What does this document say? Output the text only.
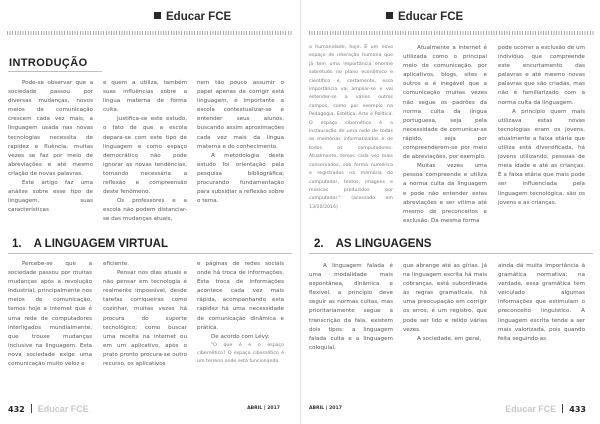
Educar FCE
INTRODUÇÃO

Pode-se observar que a sociedade passou por diversas mudanças, novos meios de comunicação crescem cada vez mais, a linguagem usada nas novas tecnologias necessita de rapidez e fluência, muitas vezes se faz por meio de abreviações e até mesmo criação de novas palavras.

Este artigo faz uma análise sobre esse tipo de linguagem, suas características

e quem a utiliza, também suas influências sobre a língua materna de forma culta.

Justifica-se este estudo, o fato de que a escola depara-se com este tipo de linguagem e como espaço democrático não pode ignorar as novas tendências, tornando necessária a reflexão e compreensão deste fenômeno.

Os professores e a escola não podem distanciar-se das mudanças atuais,

nem tão pouco assumir o papel apenas de corrigir está linguagem, é importante a escola contextualizar-se e entender seus alunos, buscando assim aproximações cada vez mais da língua materna e do conhecimento.

A metodologia deste estudo foi orientação pela pesquisa bibliográfica, procurando fundamentação para subsidiar a reflexão sobre o tema.

1. A LINGUAGEM VIRTUAL

Percebe-se que a sociedade passou por muitas mudanças após a revolução industrial, principalmente nos meios de comunicação, temos hoje a internet que é uma rede de computadores interligados mundialmente, que trouxe mudanças inclusive na linguagem. Esta nova sociedade exige uma comunicação muito veloz e

eficiente.

Pensar nos dias atuais e não pensar em tecnologia é realmente impossível, desde tarefas corriqueiras como cozinhar, muitas vezes há procura do suporte tecnológico; como buscar uma receita na internet ou em um aplicativo, após o prato pronto procura-se outro recurso, os aplicativos

e páginas de redes sociais onde há troca de informações. Esta troca de informações acontece cada vez mais rápida, acompanhando esta rapidez há uma necessidade de comunicação dinâmica e prática.

De acordo com Lévy:

"O que é e o espaço cibernético? O espaço cibernético é um terreno onde está funcionando

432 Educar FCE	ABRIL | 2017
Educar FCE

a humanidade, hoje. É um novo espaço de interação humana que já tem uma importância enorme sobretudo no plano econômico e científico e, certamente, essa importância vai ampliar-se e vai estender-se a vários outros campos, como por exemplo na Pedagogia, Estética, Arte e Política. O espaço cibernético é a instauração de uma rede de todas as memórias informatizadas e de todos os computadores. Atualmente, temos cada vez mais conservados, sob forma numérica e registrados na memória do computador, textos, imagens e músicas produzidos por computador." (acessado em 13/10/2016)

Atualmente a internet é utilizada como o principal meio de comunicação, por aplicativos, blogs, sites e outros e é inegável que a comunicação muitas vezes não segue os padrões da norma culta da língua portuguesa, seja pela necessidade de comunicar-se rápido, seja por compreenderem-se por meio de abreviações, por exemplo.

Muitas vezes uma pessoa compreende e utiliza a norma culta da linguagem e pode não entender estas abreviações e ser vítima até mesmo de preconceitos e exclusão. Da mesma forma

pode ocorrer a exclusão de um indivíduo que compreende este encurtamento das palavras e até mesmo novas palavras que são criadas, mas não é familiarizado com a norma culta da linguagem.

A princípio quem mais utilizava estas novas tecnologias eram os jovens, atualmente a faixa etária que utiliza está diversificada, há jovens utilizando, pessoas de meia idade e até as crianças. É a faixa etária que mais pode ser influenciada pela linguagem tecnológica, são os jovens e as crianças.

2. AS LINGUAGENS

A linguagem falada é uma modalidade mais espontânea, dinâmica e flexível, a princípio deve seguir as normas cultas, mas prioritariamente segue a transcrição da fala, existem dois tipos: a linguagem falada culta e a linguagem coloquial,

que abrange até as gírias. Já na linguagem escrita há mais cobranças, está subordinada às regras gramaticais, há uma preocupação em corrigir os erros, é um registro, que pode ser lido e relido várias vezes.

A sociedade, em geral,

ainda dá muita importância à gramática normativa; na verdade, essa gramática tem veiculado algumas informações que estimulam o preconceito linguístico. A linguagem escrita tende a ser mais valorizada, pois quando feita seguindo as

ABRIL | 2017	Educar FCE 433
